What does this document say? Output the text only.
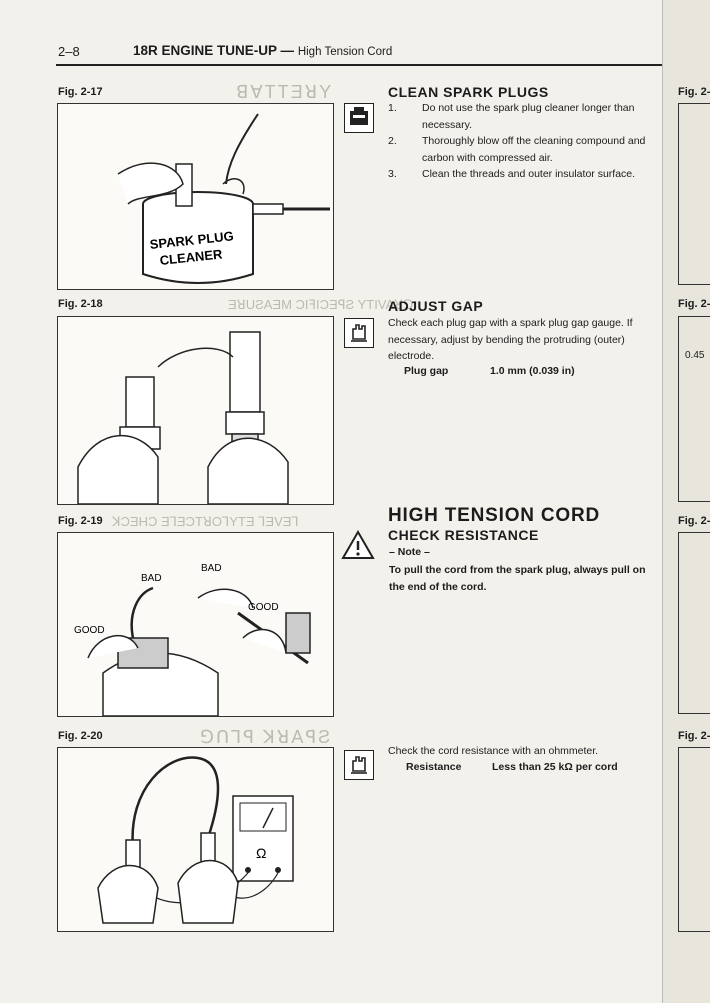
2–8	18R ENGINE TUNE-UP — High Tension Cord
ꓭ∀TTƎꓤY
ƎꓤUƧAƎM ƆIꟻIƆƎꟼƧ YTIVAꓤꓨ
ꓘƆƎHƆ ƎꓶƎƆTꓤOꓶYTƎ ꓶƎVƎꓶ
ꓨꓵꓶꟼ ꓘꓤAꟼƧ
Fig. 2-17
SPARK PLUG
CLEANER
Fig. 2-18
Fig. 2-19
BAD
BAD
GOOD
GOOD
Fig. 2-20
Ω
CLEAN SPARK PLUGS
1. Do not use the spark plug cleaner longer than necessary.
2. Thoroughly blow off the cleaning compound and carbon with compressed air.
3. Clean the threads and outer insulator surface.
ADJUST GAP
Check each plug gap with a spark plug gap gauge. If necessary, adjust by bending the protruding (outer) electrode.
Plug gap	1.0 mm (0.039 in)
HIGH TENSION CORD
CHECK RESISTANCE
– Note –
To pull the cord from the spark plug, always pull on the end of the cord.
Check the cord resistance with an ohmmeter.
Resistance	Less than 25 kΩ per cord
Fig. 2-
Fig. 2-
0.45
Fig. 2-
Fig. 2-
